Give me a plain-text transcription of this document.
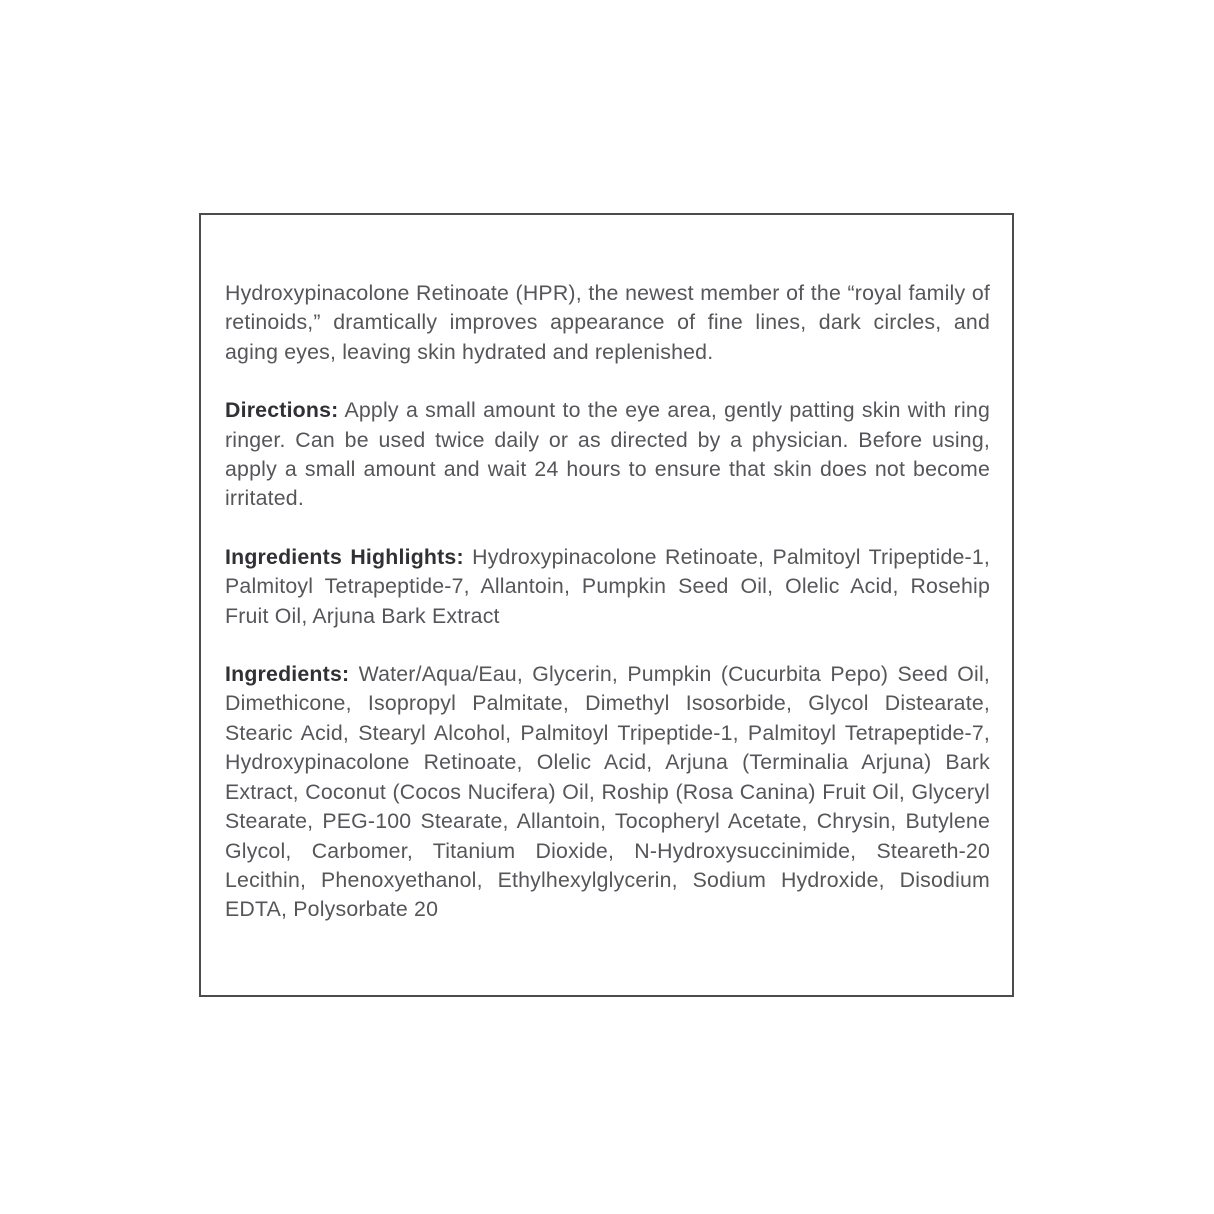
Hydroxypinacolone Retinoate (HPR), the newest member of the “royal family of retinoids,” dramtically improves appearance of fine lines, dark circles, and aging eyes, leaving skin hydrated and replenished.

Directions: Apply a small amount to the eye area, gently patting skin with ring ringer. Can be used twice daily or as directed by a physician. Before using, apply a small amount and wait 24 hours to ensure that skin does not become irritated.

Ingredients Highlights: Hydroxypinacolone Retinoate, Palmitoyl Tripeptide-1, Palmitoyl Tetrapeptide-7, Allantoin, Pumpkin Seed Oil, Olelic Acid, Rosehip Fruit Oil, Arjuna Bark Extract

Ingredients: Water/Aqua/Eau, Glycerin, Pumpkin (Cucurbita Pepo) Seed Oil, Dimethicone, Isopropyl Palmitate, Dimethyl Isosorbide, Glycol Distearate, Stearic Acid, Stearyl Alcohol, Palmitoyl Tripeptide-1, Palmitoyl Tetrapeptide-7, Hydroxypinacolone Retinoate, Olelic Acid, Arjuna (Terminalia Arjuna) Bark Extract, Coconut (Cocos Nucifera) Oil, Roship (Rosa Canina) Fruit Oil, Glyceryl Stearate, PEG-100 Stearate, Allantoin, Tocopheryl Acetate, Chrysin, Butylene Glycol, Carbomer, Titanium Dioxide, N-Hydroxysuccinimide, Steareth-20 Lecithin, Phenoxyethanol, Ethylhexylglycerin, Sodium Hydroxide, Disodium EDTA, Polysorbate 20
